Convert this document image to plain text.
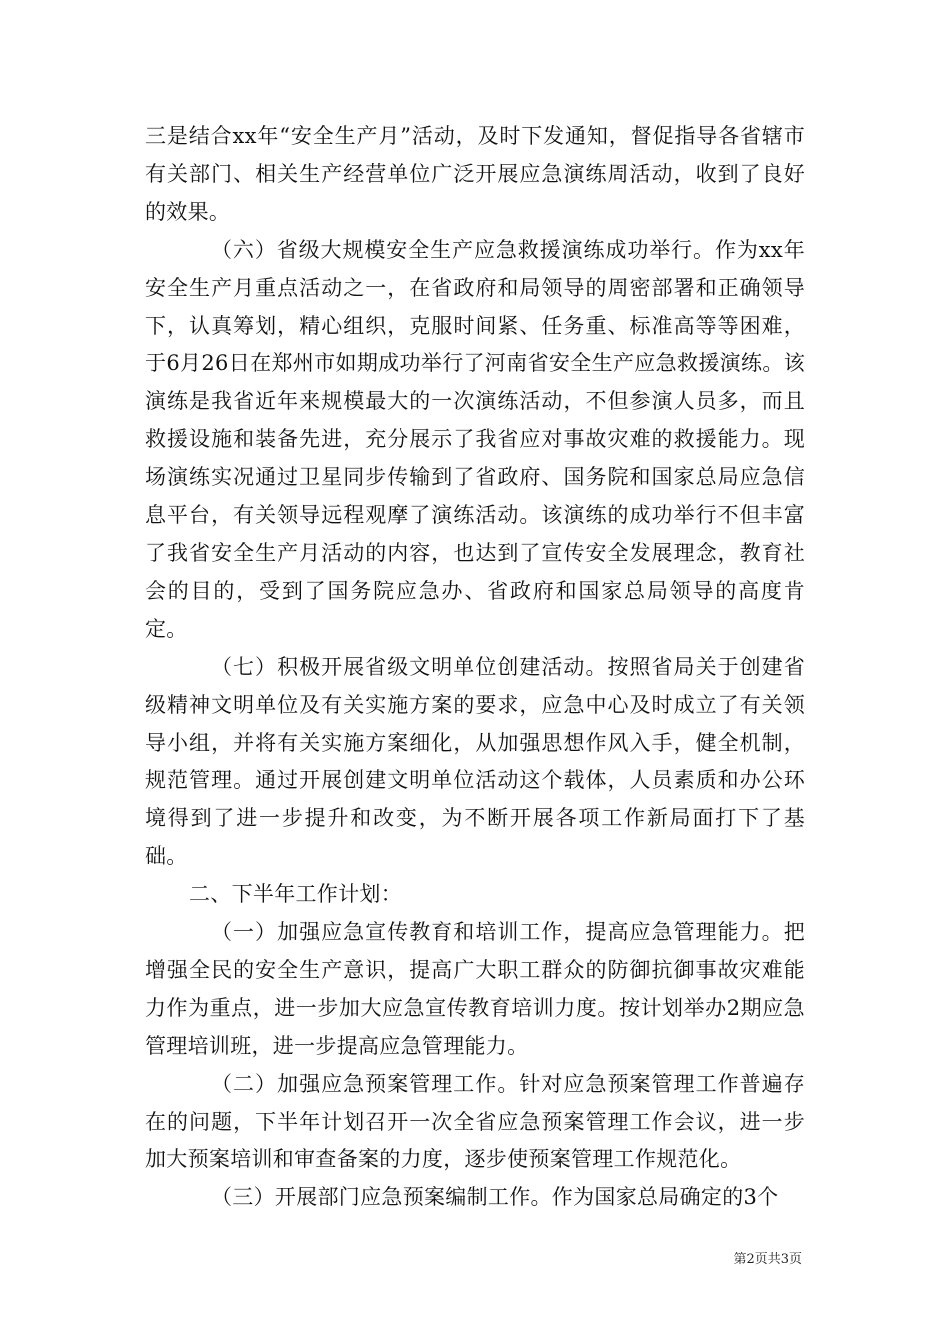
三是结合xx年“安全生产月”活动，及时下发通知，督促指导各省辖市有关部门、相关生产经营单位广泛开展应急演练周活动，收到了良好的效果。

（六）省级大规模安全生产应急救援演练成功举行。作为xx年安全生产月重点活动之一，在省政府和局领导的周密部署和正确领导下，认真筹划，精心组织，克服时间紧、任务重、标准高等等困难，于6月26日在郑州市如期成功举行了河南省安全生产应急救援演练。该演练是我省近年来规模最大的一次演练活动，不但参演人员多，而且救援设施和装备先进，充分展示了我省应对事故灾难的救援能力。现场演练实况通过卫星同步传输到了省政府、国务院和国家总局应急信息平台，有关领导远程观摩了演练活动。该演练的成功举行不但丰富了我省安全生产月活动的内容，也达到了宣传安全发展理念，教育社会的目的，受到了国务院应急办、省政府和国家总局领导的高度肯定。

（七）积极开展省级文明单位创建活动。按照省局关于创建省级精神文明单位及有关实施方案的要求，应急中心及时成立了有关领导小组，并将有关实施方案细化，从加强思想作风入手，健全机制，规范管理。通过开展创建文明单位活动这个载体，人员素质和办公环境得到了进一步提升和改变，为不断开展各项工作新局面打下了基础。

二、下半年工作计划：

（一）加强应急宣传教育和培训工作，提高应急管理能力。把增强全民的安全生产意识，提高广大职工群众的防御抗御事故灾难能力作为重点，进一步加大应急宣传教育培训力度。按计划举办2期应急管理培训班，进一步提高应急管理能力。

（二）加强应急预案管理工作。针对应急预案管理工作普遍存在的问题，下半年计划召开一次全省应急预案管理工作会议，进一步加大预案培训和审查备案的力度，逐步使预案管理工作规范化。

（三）开展部门应急预案编制工作。作为国家总局确定的3个

第2页共3页
